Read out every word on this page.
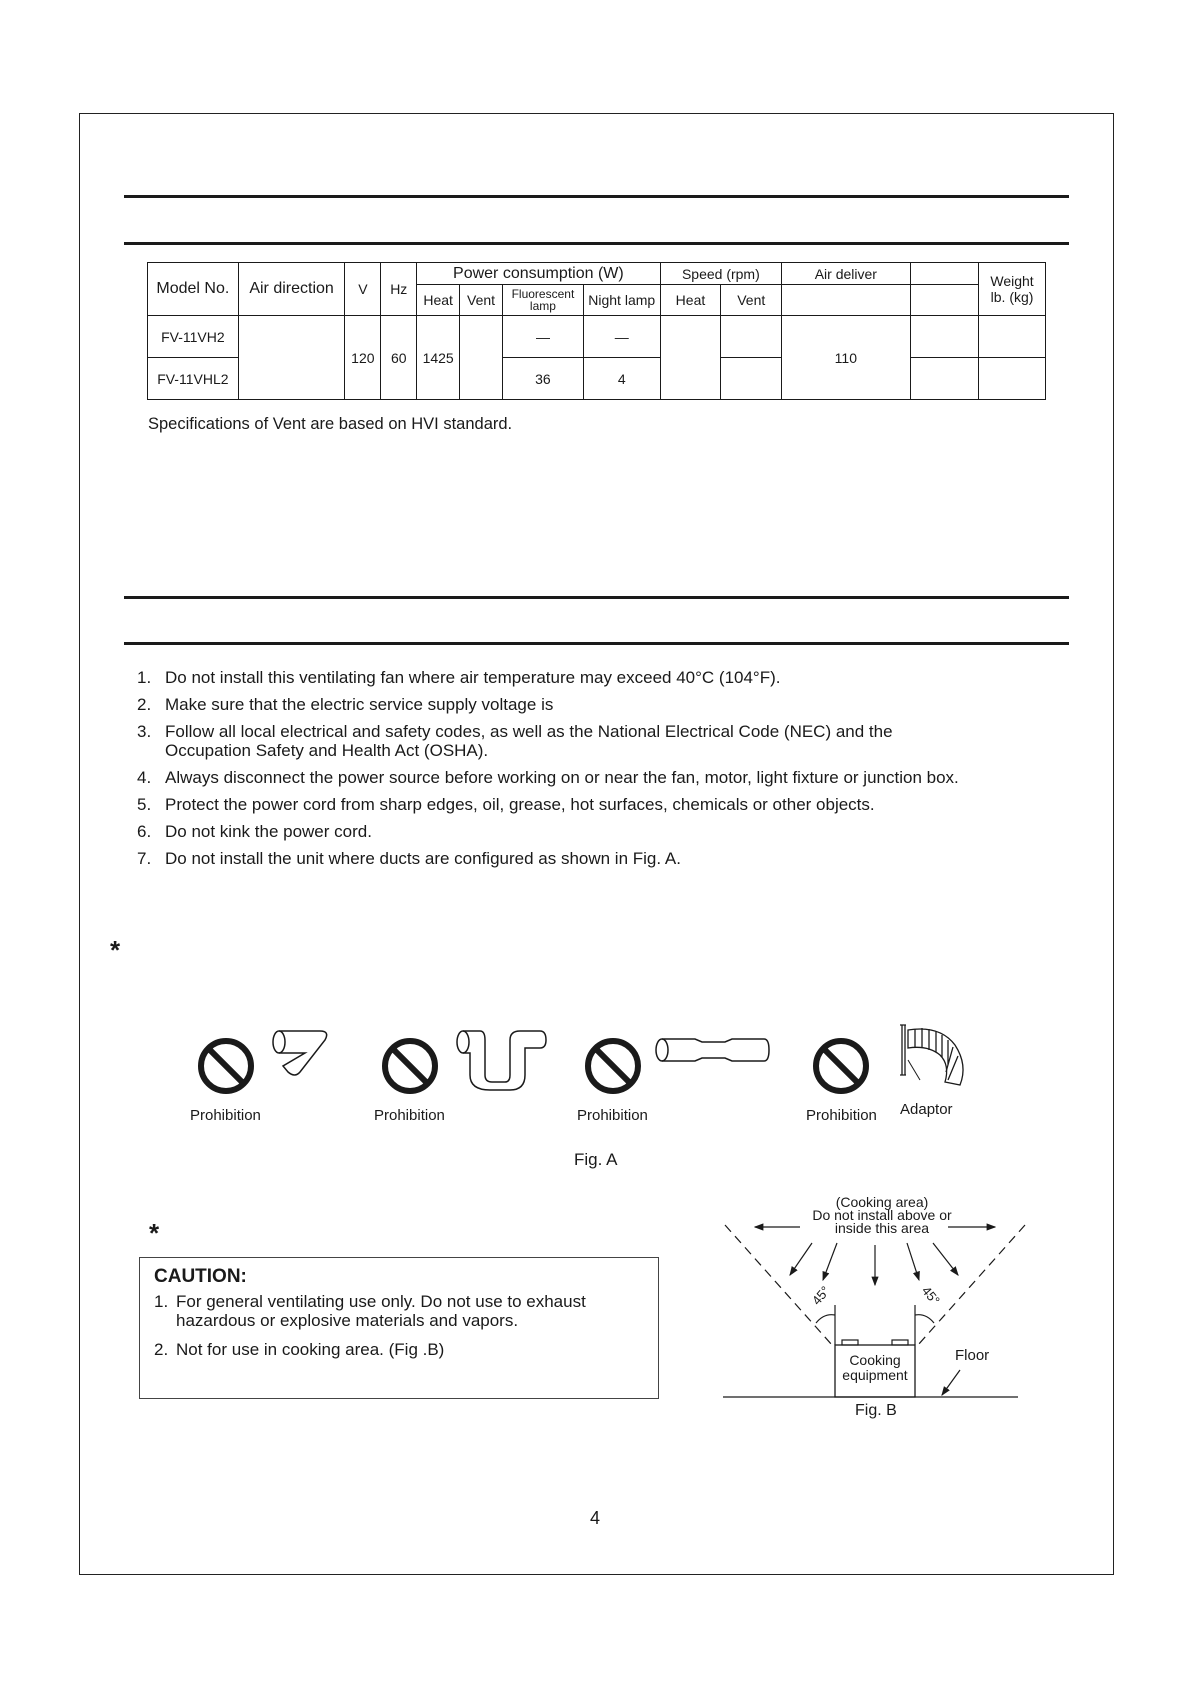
Model No.	Air direction	V	Hz	Power consumption (W)				Speed (rpm)		Air deliver		Weight
lb. (kg)

				Heat	Vent	Fluorescent lamp	Night lamp	Heat	Vent			
FV-11VH2		120	60	1425		—	—			110		
FV-11VHL2						36	4					
Specifications of Vent are based on HVI standard.
1. Do not install this ventilating fan where air temperature may exceed 40°C (104°F).
2. Make sure that the electric service supply voltage is
3. Follow all local electrical and safety codes, as well as the National Electrical Code (NEC) and the Occupation Safety and Health Act (OSHA).
4. Always disconnect the power source before working on or near the fan, motor, light fixture or junction box.
5. Protect the power cord from sharp edges, oil, grease, hot surfaces, chemicals or other objects.
6. Do not kink the power cord.
7. Do not install the unit where ducts are configured as shown in Fig. A.
*
Prohibition	Prohibition	Prohibition	Prohibition Adaptor
Fig. A
*
CAUTION:
1. For general ventilating use only. Do not use to exhaust hazardous or explosive materials and vapors.
2. Not for use in cooking area. (Fig .B)
(Cooking area)
Do not install above or
inside this area
45°	45°
Cooking
equipment
Floor
Fig. B
4
